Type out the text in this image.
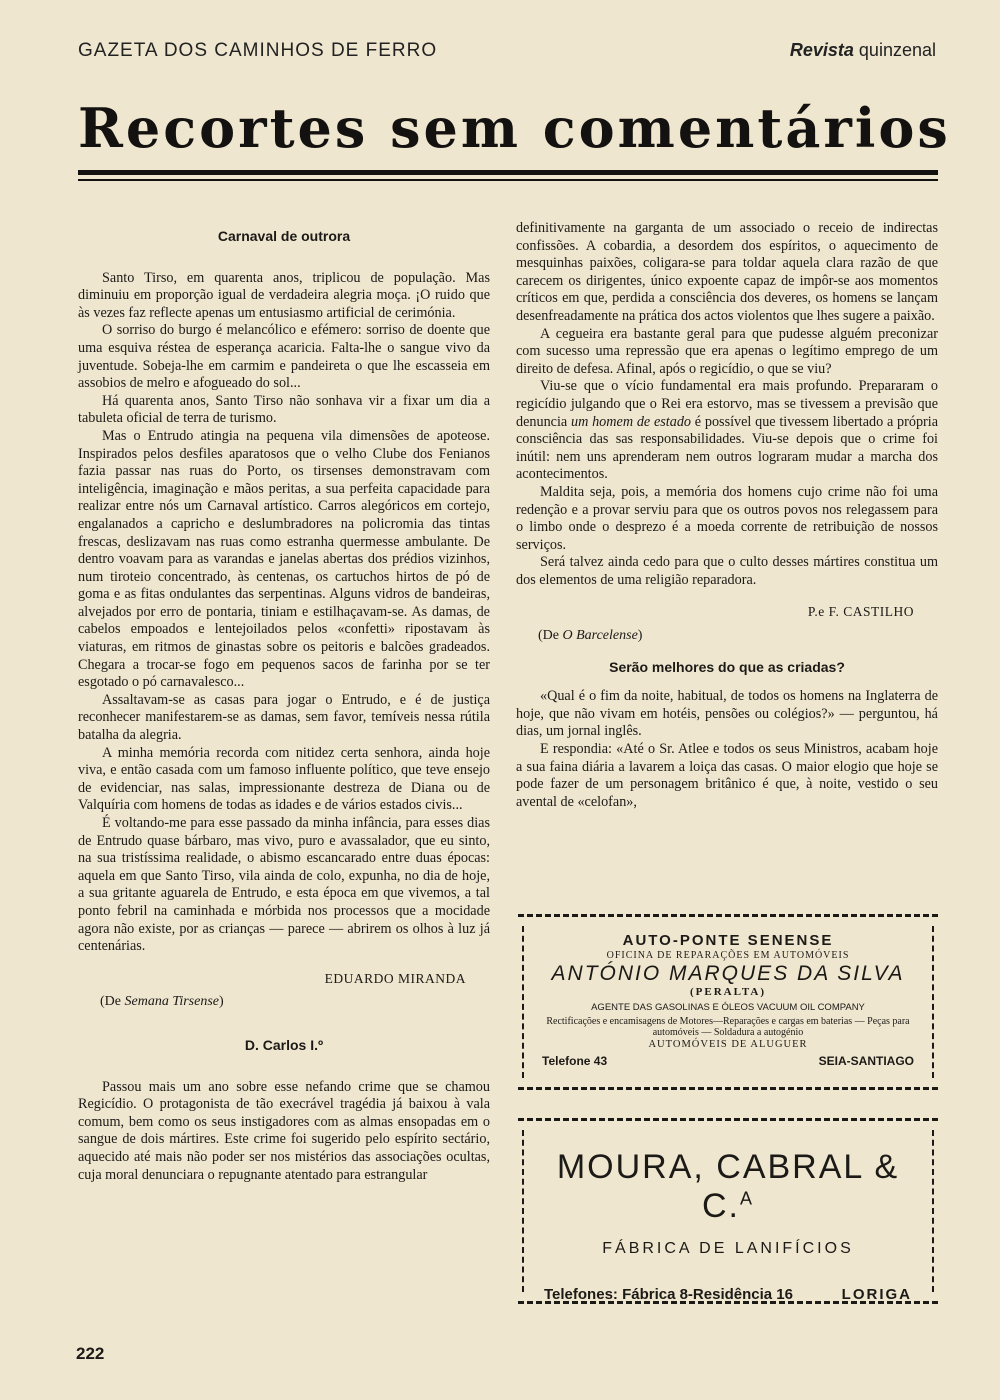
GAZETA DOS CAMINHOS DE FERRO	Revista quinzenal
Recortes sem comentários
Carnaval de outrora

Santo Tirso, em quarenta anos, triplicou de população. Mas diminuiu em proporção igual de verdadeira alegria moça. ¡O ruido que às vezes faz reflecte apenas um entusiasmo artificial de cerimónia.

O sorriso do burgo é melancólico e efémero: sorriso de doente que uma esquiva réstea de esperança acaricia. Falta-lhe o sangue vivo da juventude. Sobeja-lhe em carmim e pandeireta o que lhe escasseia em assobios de melro e afogueado do sol...

Há quarenta anos, Santo Tirso não sonhava vir a fixar um dia a tabuleta oficial de terra de turismo.

Mas o Entrudo atingia na pequena vila dimensões de apoteose. Inspirados pelos desfiles aparatosos que o velho Clube dos Fenianos fazia passar nas ruas do Porto, os tirsenses demonstravam com inteligência, imaginação e mãos peritas, a sua perfeita capacidade para realizar entre nós um Carnaval artístico. Carros alegóricos em cortejo, engalanados a capricho e deslumbradores na policromia das tintas frescas, deslizavam nas ruas como estranha quermesse ambulante. De dentro voavam para as varandas e janelas abertas dos prédios vizinhos, num tiroteio concentrado, às centenas, os cartuchos hirtos de pó de goma e as fitas ondulantes das serpentinas. Alguns vidros de bandeiras, alvejados por erro de pontaria, tiniam e estilhaçavam-se. As damas, de cabelos empoados e lentejoilados pelos «confetti» ripostavam às viaturas, em ritmos de ginastas sobre os peitoris e balcões gradeados. Chegara a trocar-se fogo em pequenos sacos de farinha por se ter esgotado o pó carnavalesco...

Assaltavam-se as casas para jogar o Entrudo, e é de justiça reconhecer manifestarem-se as damas, sem favor, temíveis nessa rútila batalha da alegria.

A minha memória recorda com nitidez certa senhora, ainda hoje viva, e então casada com um famoso influente político, que teve ensejo de evidenciar, nas salas, impressionante destreza de Diana ou de Valquíria com homens de todas as idades e de vários estados civis...

É voltando-me para esse passado da minha infância, para esses dias de Entrudo quase bárbaro, mas vivo, puro e avassalador, que eu sinto, na sua tristíssima realidade, o abismo escancarado entre duas épocas: aquela em que Santo Tirso, vila ainda de colo, expunha, no dia de hoje, a sua gritante aguarela de Entrudo, e esta época em que vivemos, a tal ponto febril na caminhada e mórbida nos processos que a mocidade agora não existe, por as crianças — parece — abrirem os olhos à luz já centenárias.

EDUARDO MIRANDA
(De Semana Tirsense)
D. Carlos I.º

Passou mais um ano sobre esse nefando crime que se chamou Regicídio. O protagonista de tão execrável tragédia já baixou à vala comum, bem como os seus instigadores com as almas ensopadas em o sangue de dois mártires. Este crime foi sugerido pelo espírito sectário, aquecido até mais não poder ser nos mistérios das associações ocultas, cuja moral denunciara o repugnante atentado para estrangular

definitivamente na garganta de um associado o receio de indirectas confissões. A cobardia, a desordem dos espíritos, o aquecimento de mesquinhas paixões, coligara-se para toldar aquela clara razão de que carecem os dirigentes, único expoente capaz de impôr-se aos momentos críticos em que, perdida a consciência dos deveres, os homens se lançam desenfreadamente na prática dos actos violentos que lhes sugere a paixão.

A cegueira era bastante geral para que pudesse alguém preconizar com sucesso uma repressão que era apenas o legítimo emprego de um direito de defesa. Afinal, após o regicídio, o que se viu?

Viu-se que o vício fundamental era mais profundo. Prepararam o regicídio julgando que o Rei era estorvo, mas se tivessem a previsão que denuncia um homem de estado é possível que tivessem libertado a própria consciência das sas responsabilidades. Viu-se depois que o crime foi inútil: nem uns aprenderam nem outros lograram mudar a marcha dos acontecimentos.

Maldita seja, pois, a memória dos homens cujo crime não foi uma redenção e a provar serviu para que os outros povos nos relegassem para o limbo onde o desprezo é a moeda corrente de retribuição de nossos serviços.

Será talvez ainda cedo para que o culto desses mártires constitua um dos elementos de uma religião reparadora.

P.e F. CASTILHO
(De O Barcelense)
Serão melhores do que as criadas?

«Qual é o fim da noite, habitual, de todos os homens na Inglaterra de hoje, que não vivam em hotéis, pensões ou colégios?» — perguntou, há dias, um jornal inglês.

E respondia: «Até o Sr. Atlee e todos os seus Ministros, acabam hoje a sua faina diária a lavarem a loiça das casas. O maior elogio que hoje se pode fazer de um personagem britânico é que, à noite, vestido o seu avental de «celofan»,

AUTO-PONTE SENENSE
OFICINA DE REPARAÇÕES EM AUTOMÓVEIS
ANTÓNIO MARQUES DA SILVA
(PERALTA)
AGENTE DAS GASOLINAS E ÓLEOS VACUUM OIL COMPANY
Rectificações e encamisagens de Motores—Reparações e cargas em baterias — Peças para automóveis — Soldadura a autogénio
AUTOMÓVEIS DE ALUGUER
Telefone 43	SEIA-SANTIAGO
MOURA, CABRAL & C.$^A$
FÁBRICA DE LANIFÍCIOS
Telefones: Fábrica 8-Residência 16	LORIGA
222
